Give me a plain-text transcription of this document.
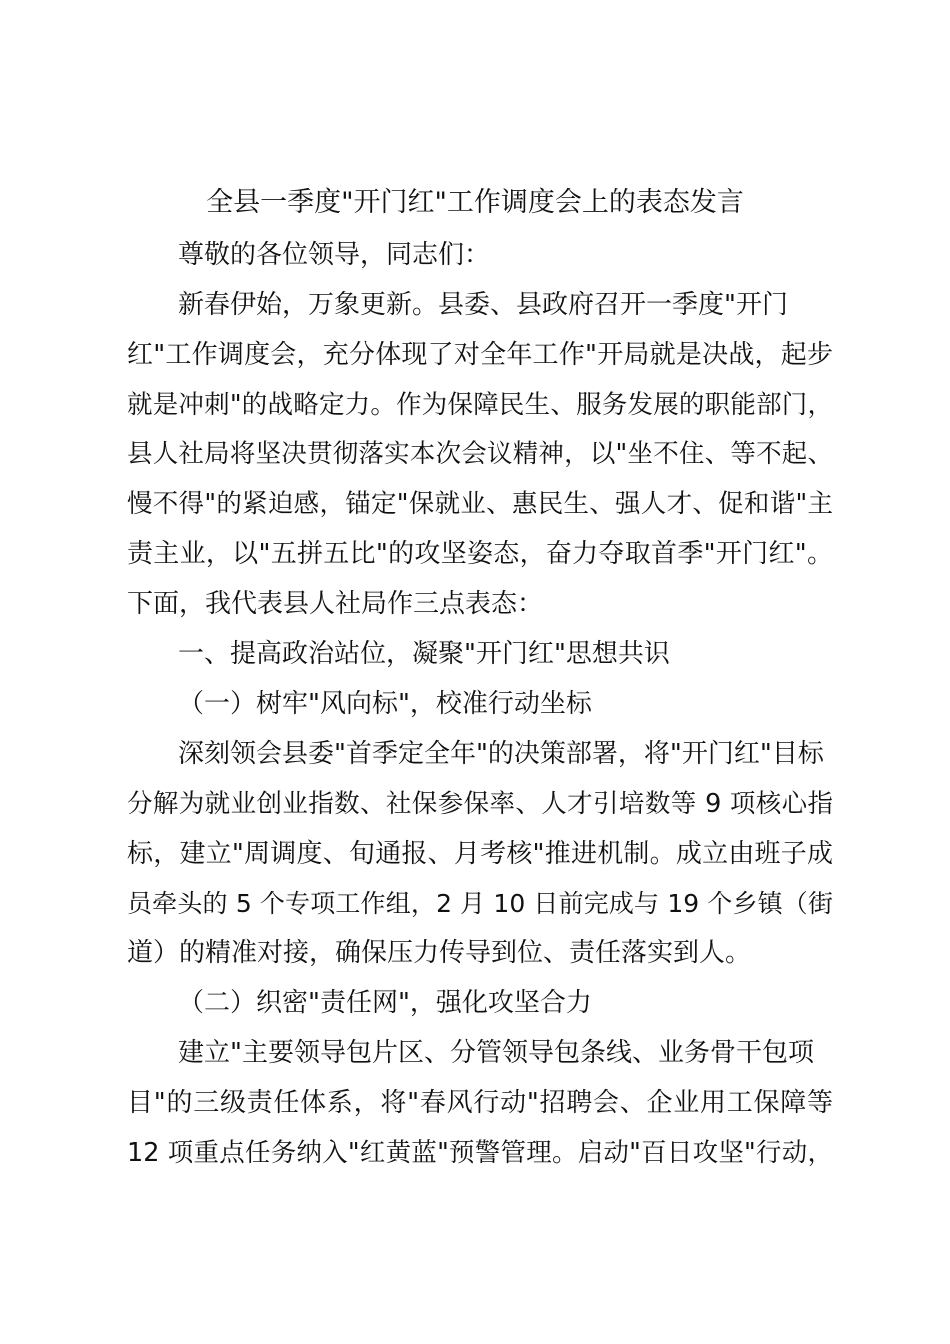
全县一季度"开门红"工作调度会上的表态发言
尊敬的各位领导，同志们：
新春伊始，万象更新。县委、县政府召开一季度"开门
红"工作调度会，充分体现了对全年工作"开局就是决战，起步
就是冲刺"的战略定力。作为保障民生、服务发展的职能部门，
县人社局将坚决贯彻落实本次会议精神，以"坐不住、等不起、
慢不得"的紧迫感，锚定"保就业、惠民生、强人才、促和谐"主
责主业，以"五拼五比"的攻坚姿态，奋力夺取首季"开门红"。
下面，我代表县人社局作三点表态：
一、提高政治站位，凝聚"开门红"思想共识
（一）树牢"风向标"，校准行动坐标
深刻领会县委"首季定全年"的决策部署，将"开门红"目标
分解为就业创业指数、社保参保率、人才引培数等 9 项核心指
标，建立"周调度、旬通报、月考核"推进机制。成立由班子成
员牵头的 5 个专项工作组，2 月 10 日前完成与 19 个乡镇（街
道）的精准对接，确保压力传导到位、责任落实到人。
（二）织密"责任网"，强化攻坚合力
建立"主要领导包片区、分管领导包条线、业务骨干包项
目"的三级责任体系，将"春风行动"招聘会、企业用工保障等
12 项重点任务纳入"红黄蓝"预警管理。启动"百日攻坚"行动，
